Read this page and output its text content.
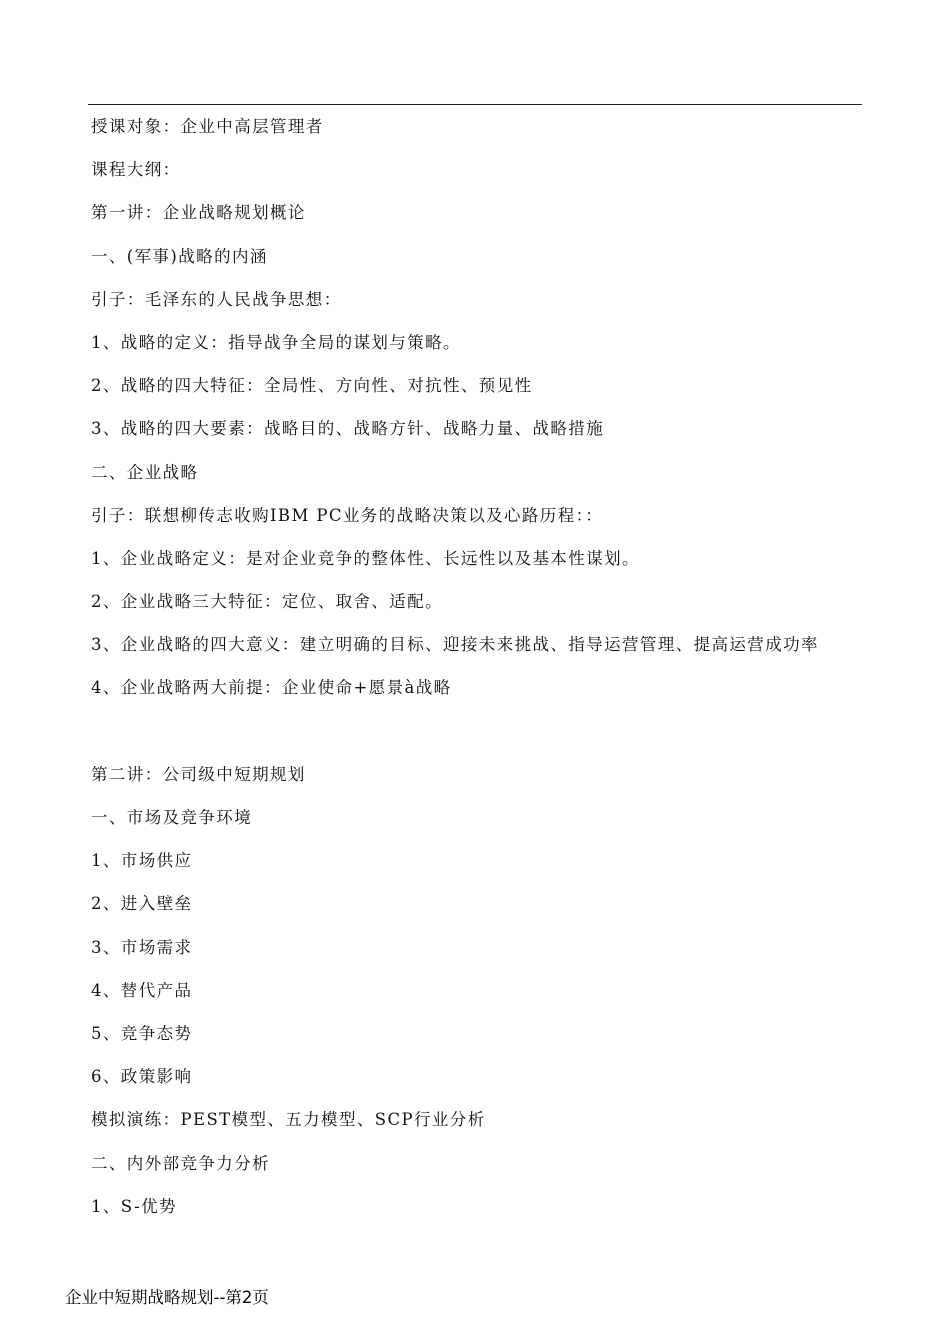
授课对象：企业中高层管理者
课程大纲：
第一讲：企业战略规划概论
一、(军事)战略的内涵
引子：毛泽东的人民战争思想：
1、战略的定义：指导战争全局的谋划与策略。
2、战略的四大特征：全局性、方向性、对抗性、预见性
3、战略的四大要素：战略目的、战略方针、战略力量、战略措施
二、企业战略
引子：联想柳传志收购IBM PC业务的战略决策以及心路历程：：
1、企业战略定义：是对企业竞争的整体性、长远性以及基本性谋划。
2、企业战略三大特征：定位、取舍、适配。
3、企业战略的四大意义：建立明确的目标、迎接未来挑战、指导运营管理、提高运营成功率
4、企业战略两大前提：企业使命+愿景à战略
第二讲：公司级中短期规划
一、市场及竞争环境
1、市场供应
2、进入壁垒
3、市场需求
4、替代产品
5、竞争态势
6、政策影响
模拟演练：PEST模型、五力模型、SCP行业分析
二、内外部竞争力分析
1、S-优势
企业中短期战略规划--第2页
